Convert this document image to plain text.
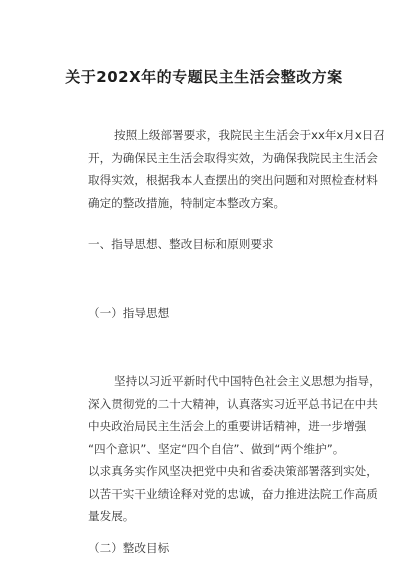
关于202X年的专题民主生活会整改方案
按照上级部署要求，我院民主生活会于xx年x月x日召
开，为确保民主生活会取得实效，为确保我院民主生活会
取得实效，根据我本人查摆出的突出问题和对照检查材料
确定的整改措施，特制定本整改方案。
一、指导思想、整改目标和原则要求
（一）指导思想
坚持以习近平新时代中国特色社会主义思想为指导，
深入贯彻党的二十大精神，认真落实习近平总书记在中共
中央政治局民主生活会上的重要讲话精神，进一步增强
“四个意识”、坚定“四个自信”、做到“两个维护”。
以求真务实作风坚决把党中央和省委决策部署落到实处，
以苦干实干业绩诠释对党的忠诚，奋力推进法院工作高质
量发展。
（二）整改目标
